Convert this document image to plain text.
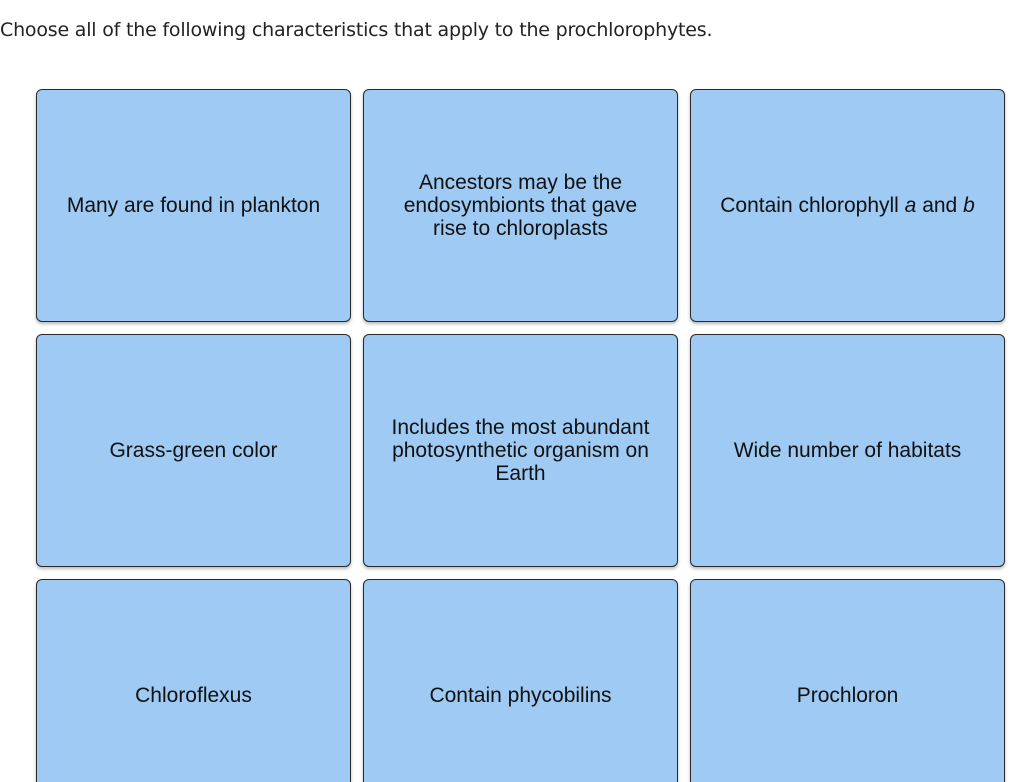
Choose all of the following characteristics that apply to the prochlorophytes.
Many are found in plankton
Ancestors may be the endosymbionts that gave rise to chloroplasts
Contain chlorophyll a and b
Grass-green color
Includes the most abundant photosynthetic organism on Earth
Wide number of habitats
Chloroflexus	Contain phycobilins	Prochloron
